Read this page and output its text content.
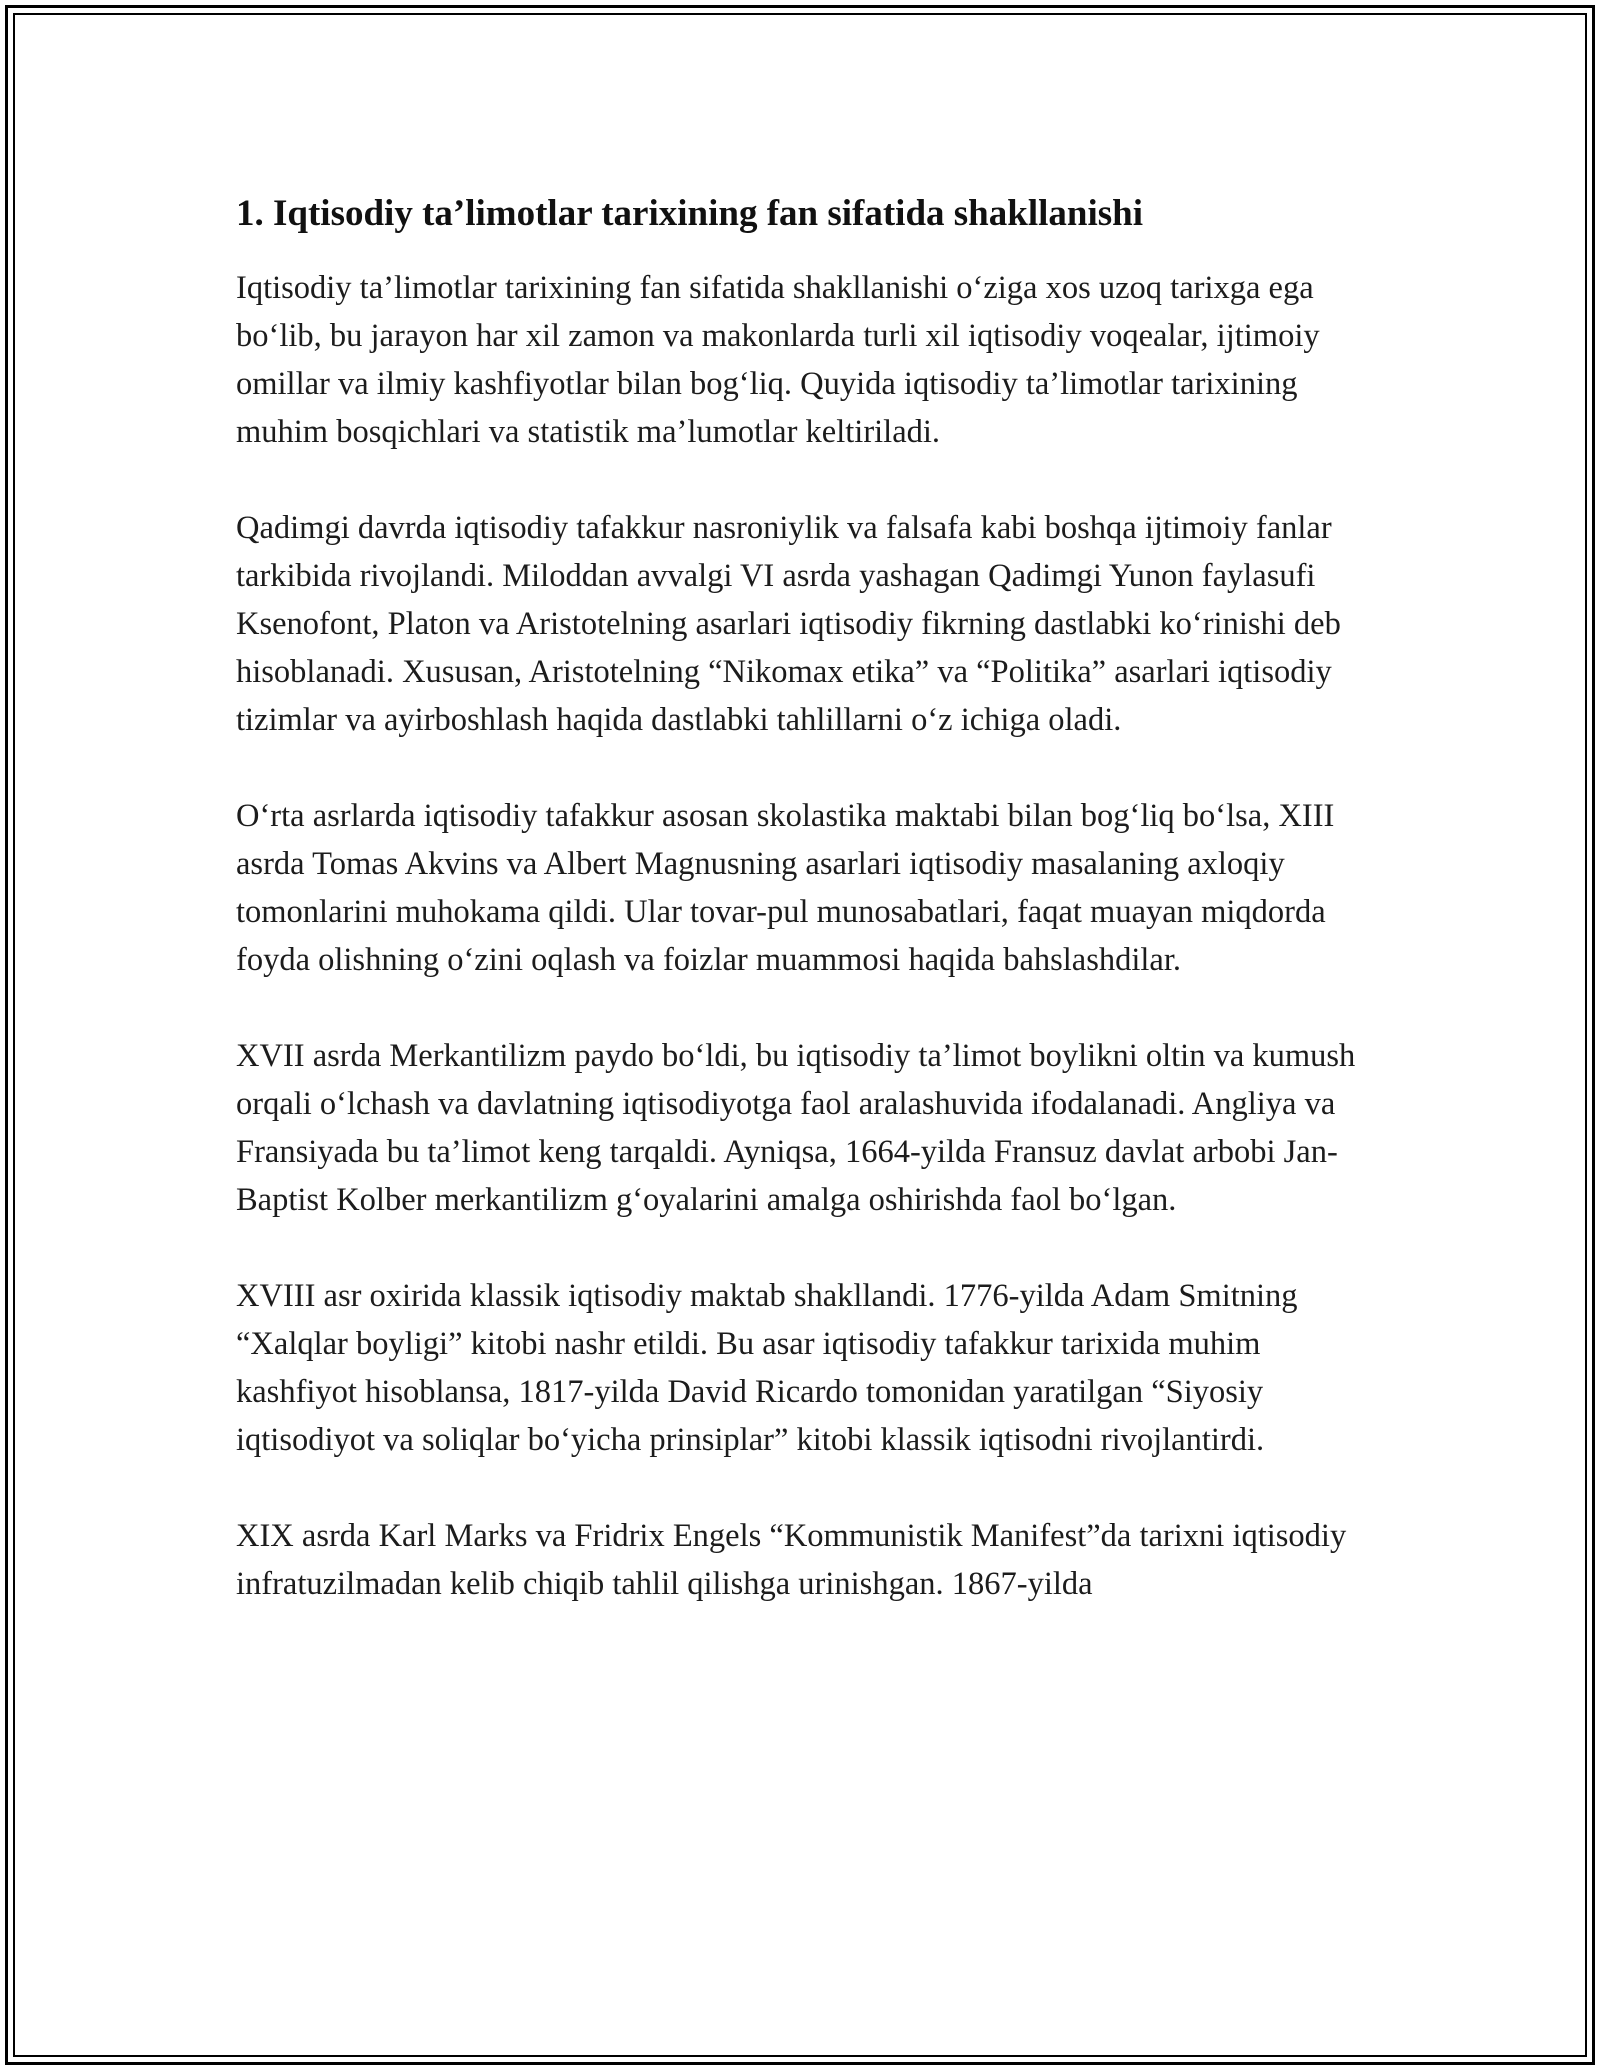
1. Iqtisodiy ta’limotlar tarixining fan sifatida shakllanishi

Iqtisodiy ta’limotlar tarixining fan sifatida shakllanishi o‘ziga xos uzoq tarixga ega bo‘lib, bu jarayon har xil zamon va makonlarda turli xil iqtisodiy voqealar, ijtimoiy omillar va ilmiy kashfiyotlar bilan bog‘liq. Quyida iqtisodiy ta’limotlar tarixining muhim bosqichlari va statistik ma’lumotlar keltiriladi.

Qadimgi davrda iqtisodiy tafakkur nasroniylik va falsafa kabi boshqa ijtimoiy fanlar tarkibida rivojlandi. Miloddan avvalgi VI asrda yashagan Qadimgi Yunon faylasufi Ksenofont, Platon va Aristotelning asarlari iqtisodiy fikrning dastlabki ko‘rinishi deb hisoblanadi. Xususan, Aristotelning “Nikomax etika” va “Politika” asarlari iqtisodiy tizimlar va ayirboshlash haqida dastlabki tahlillarni o‘z ichiga oladi.

O‘rta asrlarda iqtisodiy tafakkur asosan skolastika maktabi bilan bog‘liq bo‘lsa, XIII asrda Tomas Akvins va Albert Magnusning asarlari iqtisodiy masalaning axloqiy tomonlarini muhokama qildi. Ular tovar-pul munosabatlari, faqat muayan miqdorda foyda olishning o‘zini oqlash va foizlar muammosi haqida bahslashdilar.

XVII asrda Merkantilizm paydo bo‘ldi, bu iqtisodiy ta’limot boylikni oltin va kumush orqali o‘lchash va davlatning iqtisodiyotga faol aralashuvida ifodalanadi. Angliya va Fransiyada bu ta’limot keng tarqaldi. Ayniqsa, 1664-yilda Fransuz davlat arbobi Jan-Baptist Kolber merkantilizm g‘oyalarini amalga oshirishda faol bo‘lgan.

XVIII asr oxirida klassik iqtisodiy maktab shakllandi. 1776-yilda Adam Smitning “Xalqlar boyligi” kitobi nashr etildi. Bu asar iqtisodiy tafakkur tarixida muhim kashfiyot hisoblansa, 1817-yilda David Ricardo tomonidan yaratilgan “Siyosiy iqtisodiyot va soliqlar bo‘yicha prinsiplar” kitobi klassik iqtisodni rivojlantirdi.

XIX asrda Karl Marks va Fridrix Engels “Kommunistik Manifest”da tarixni iqtisodiy infratuzilmadan kelib chiqib tahlil qilishga urinishgan. 1867-yilda
